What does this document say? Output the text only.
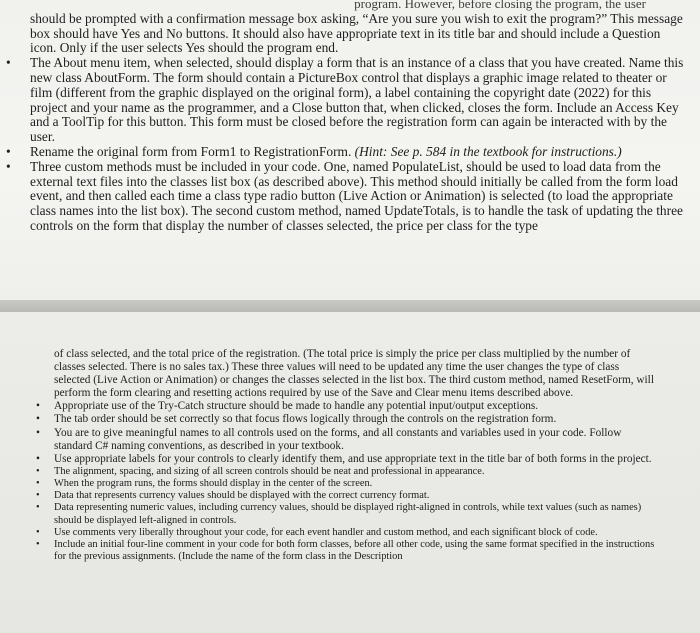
program. However, before closing the program, the user
should be prompted with a confirmation message box asking, “Are you sure you wish to exit the program?” This message box should have Yes and No buttons. It should also have appropriate text in its title bar and should include a Question icon. Only if the user selects Yes should the program end.

• The About menu item, when selected, should display a form that is an instance of a class that you have created. Name this new class AboutForm. The form should contain a PictureBox control that displays a graphic image related to theater or film (different from the graphic displayed on the original form), a label containing the copyright date (2022) for this project and your name as the programmer, and a Close button that, when clicked, closes the form. Include an Access Key and a ToolTip for this button. This form must be closed before the registration form can again be interacted with by the user.
• Rename the original form from Form1 to RegistrationForm. (Hint: See p. 584 in the textbook for instructions.)
• Three custom methods must be included in your code. One, named PopulateList, should be used to load data from the external text files into the classes list box (as described above). This method should initially be called from the form load event, and then called each time a class type radio button (Live Action or Animation) is selected (to load the appropriate class names into the list box). The second custom method, named UpdateTotals, is to handle the task of updating the three controls on the form that display the number of classes selected, the price per class for the type

of class selected, and the total price of the registration. (The total price is simply the price per class multiplied by the number of classes selected. There is no sales tax.) These three values will need to be updated any time the user changes the type of class selected (Live Action or Animation) or changes the classes selected in the list box. The third custom method, named ResetForm, will perform the form clearing and resetting actions required by use of the Save and Clear menu items described above.

• Appropriate use of the Try-Catch structure should be made to handle any potential input/output exceptions.
• The tab order should be set correctly so that focus flows logically through the controls on the registration form.
• You are to give meaningful names to all controls used on the forms, and all constants and variables used in your code. Follow standard C# naming conventions, as described in your textbook.
• Use appropriate labels for your controls to clearly identify them, and use appropriate text in the title bar of both forms in the project.
• The alignment, spacing, and sizing of all screen controls should be neat and professional in appearance.
• When the program runs, the forms should display in the center of the screen.
• Data that represents currency values should be displayed with the correct currency format.
• Data representing numeric values, including currency values, should be displayed right-aligned in controls, while text values (such as names) should be displayed left-aligned in controls.
• Use comments very liberally throughout your code, for each event handler and custom method, and each significant block of code.
• Include an initial four-line comment in your code for both form classes, before all other code, using the same format specified in the instructions for the previous assignments. (Include the name of the form class in the Description
